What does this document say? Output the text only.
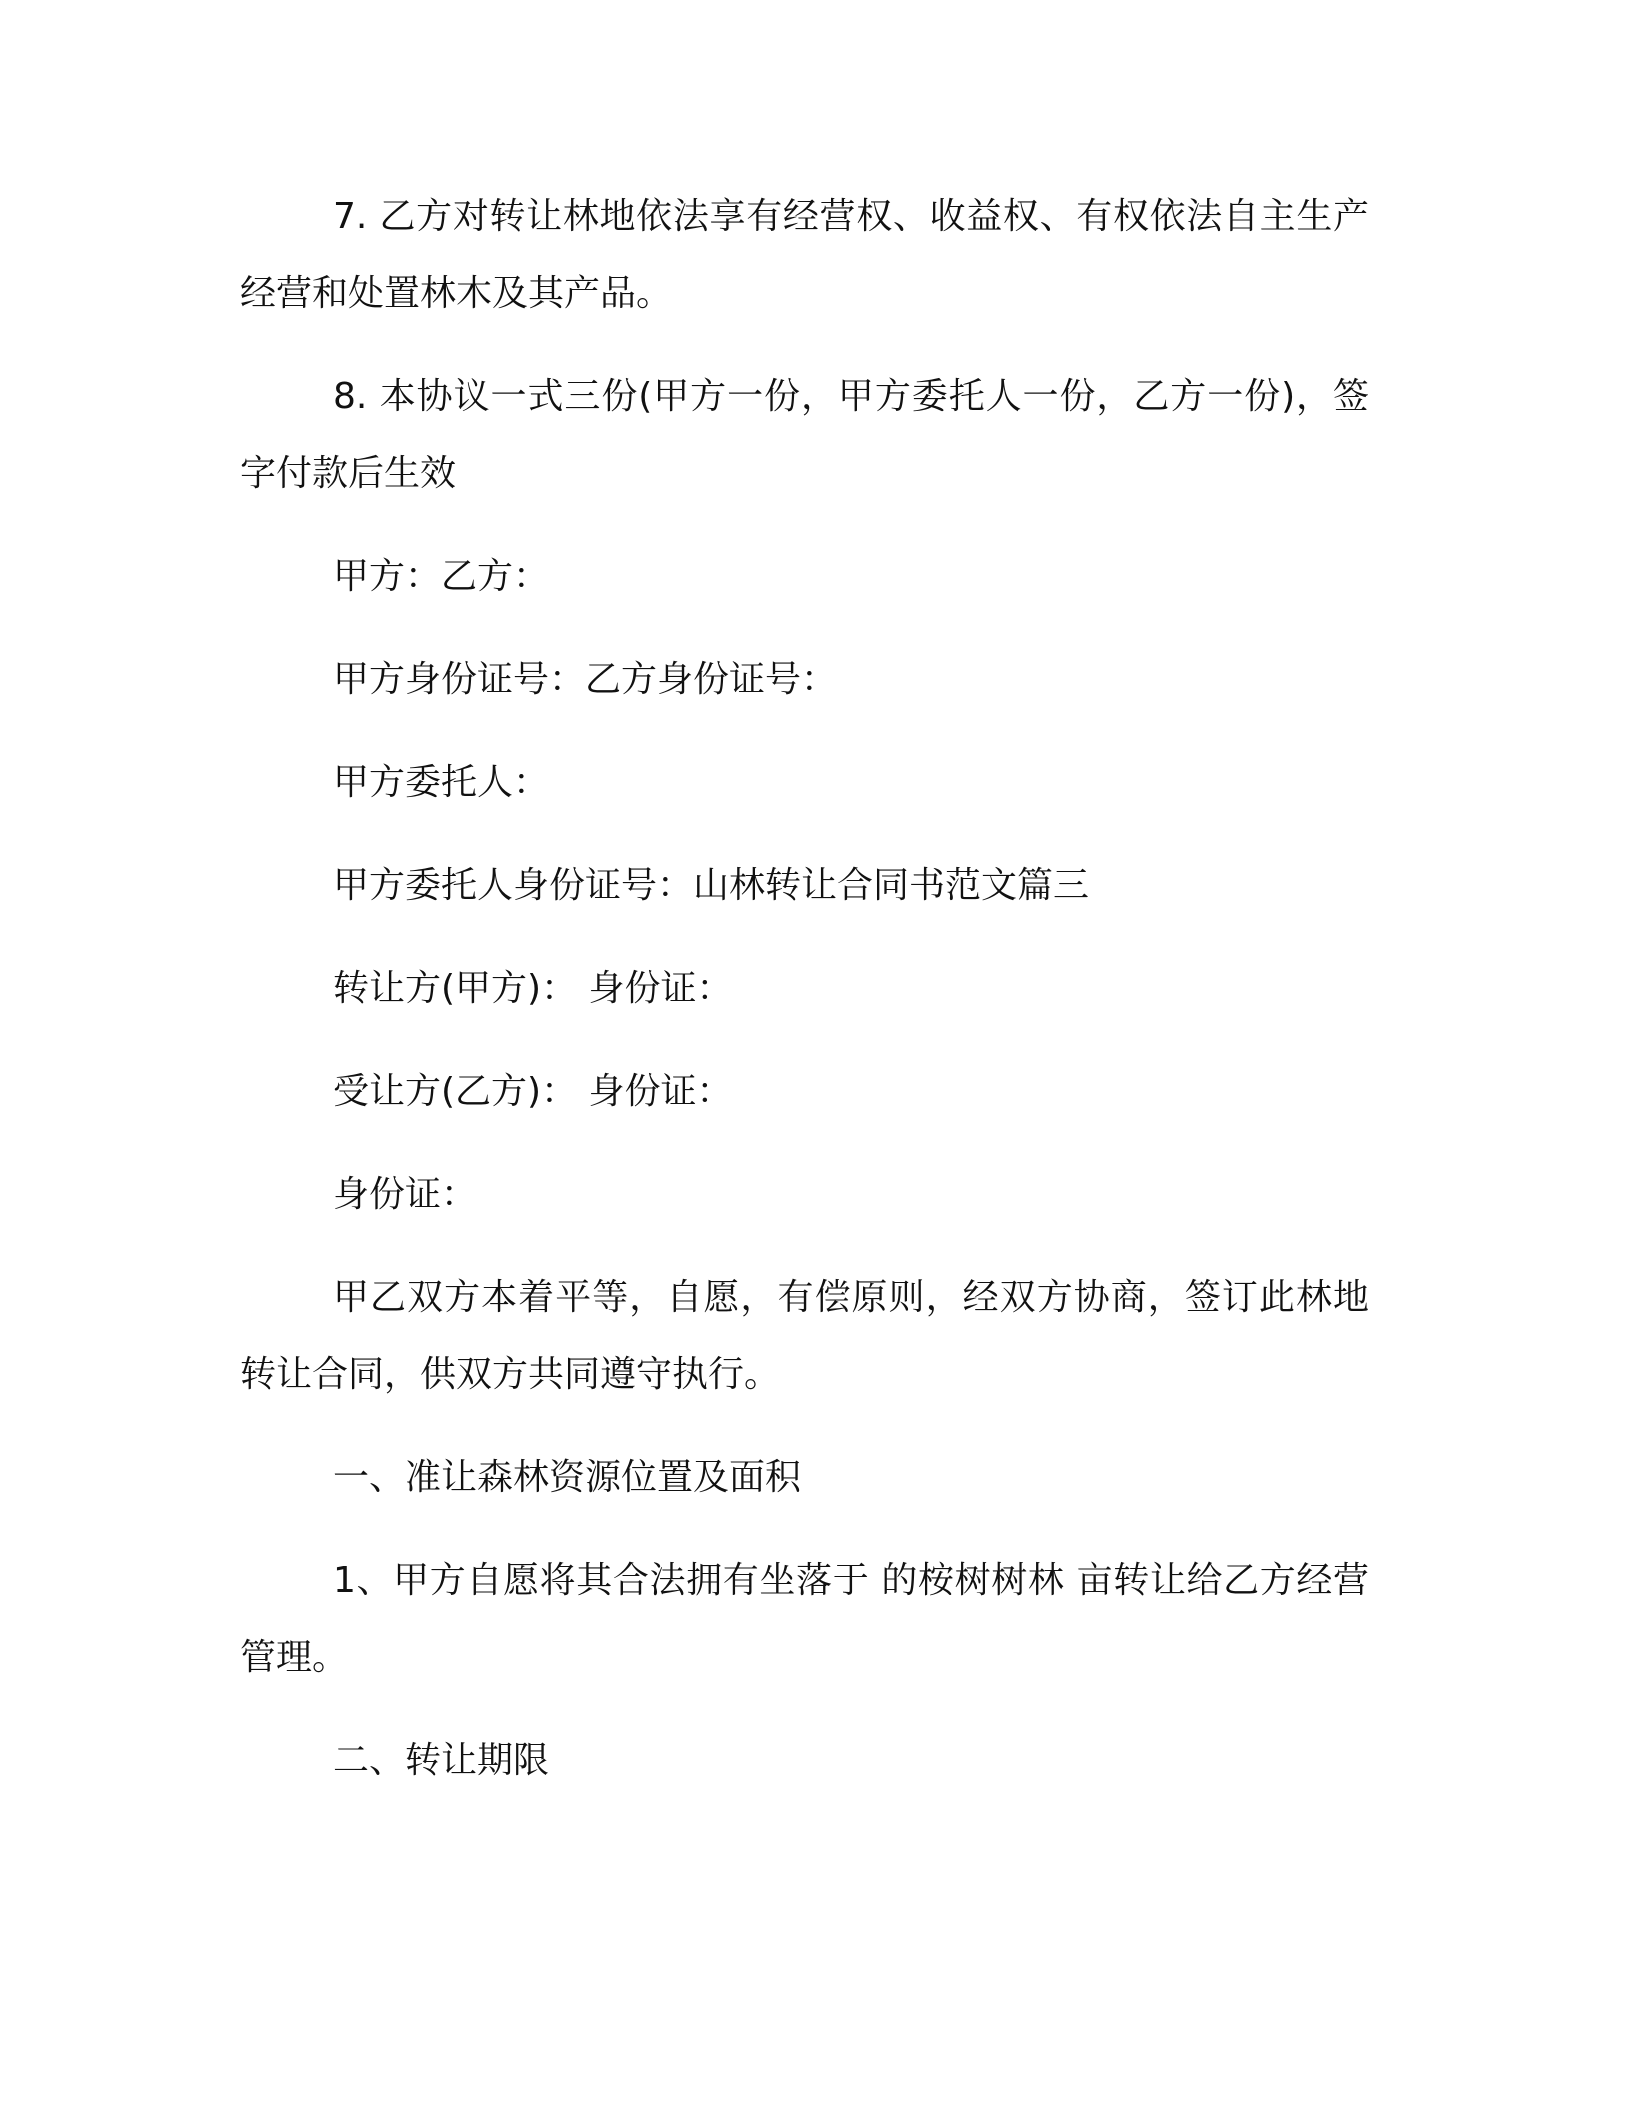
7. 乙方对转让林地依法享有经营权、收益权、有权依法自主生产
经营和处置林木及其产品。
8. 本协议一式三份(甲方一份，甲方委托人一份，乙方一份)，签
字付款后生效
甲方：乙方：
甲方身份证号：乙方身份证号：
甲方委托人：
甲方委托人身份证号：山林转让合同书范文篇三
转让方(甲方)： 身份证：
受让方(乙方)： 身份证：
身份证：
甲乙双方本着平等，自愿，有偿原则，经双方协商，签订此林地
转让合同，供双方共同遵守执行。
一、准让森林资源位置及面积
1、甲方自愿将其合法拥有坐落于 的桉树树林 亩转让给乙方经营
管理。
二、转让期限
